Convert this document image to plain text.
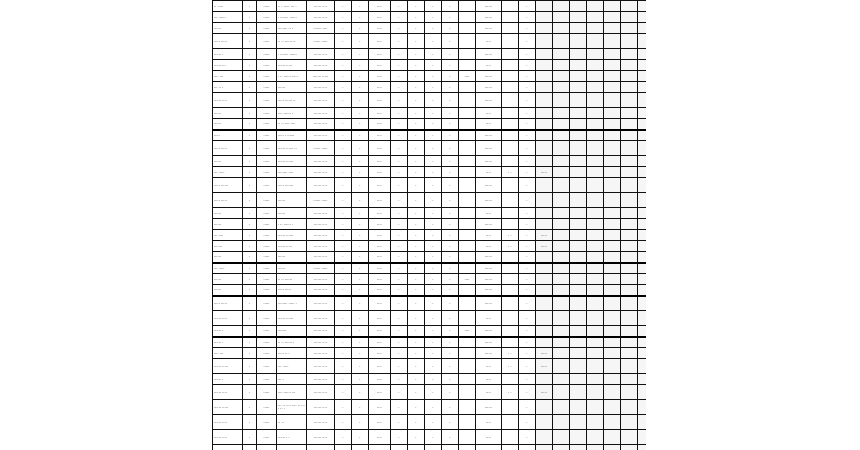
·· ·····	·	·····	·· · ····· ··· ·	······ ····	·	·	····	·	·	·	·		······		·									
··· ······	·	·····	· ······· ······	······ ····	·	·	····	·	·	·	·		······		·									
······	·	·····	········ ·· ·	······· ····	·	·	····	·	·	·	·		······		·									
····· ·····	·	·····	·· ·· ······ ··	······ ·····	·	·	····	·	·	·	·		····		·									
······ ·	·	·····	· ······· ······	······ ····	·	·	····	·	·	·	·		······		·									
······ ···	·	·····	······ ·····	······ ····	·	·	····	·	·	·	·		····		·									
···· ···	·	·····	· ·· ······ ·····	······· ·····	·	·	····	·	·	·	·	····	······		·									
··· ·· ·	·	·····	······	······ ····	·	·	····	·	·	·	·		······		·									
······ ····	·	·····	····· ······ ··	······ ····	·	·	····	·	·	·	·		······		·									
······	·	·····	···· ······ ·	······ ····	·	·	····	·	·	·	·		····		·									
······	·	·····	·· ·· ···· ····	······ ····	·	·	····	·	·	·	·		····		·									
·····	·	·····	····· · ······	······ ····	·	·	····	·	·	·	·		······		·									
····· ·····	·	·····	······ ······ ··	······ ·····	·	·	····	·	·	·	·		······		·									
······	·	·····	······ ······	······ ····	·	·	····	·	·	·	·		······		·									
··· ·····	·	·····	········ ····	······ ····	·	·	····	·	·	·	·		····	· ·	·	·····								
····· ······	·	·····	····· ·······	······ ····	·	·	····	·	·	·	·		······		·									
····· ·····	·	·····	······	······ ·····	·	·	····	·	·	·	·		······		·									
······	·	·····	······	······ ····	·	·	····	·	·	·	·		····		·									
······	·	·····	· ·· ······ ·	······ ····	·	·	····	·	·	·	·		······		·									
··· ····	·	·····	······ ······	······ ····	·	·	····	·	·	·	·		····	· ·	·	·····								
·······	·	·····	······ ·····	······ ····	·	·	····	·	·	·	·		····	· ·	·	·····								
······	·	·····	······	······ ····	·	·	····	·	·	·	·		······		·									
··· ·····	·	·····	······	······ ·····	·	·	····	·	·	·	·		······		·									
······	·	·····	·· ·· ······	······ ····	·	·	····	·	·	·	·	····	······		·									
······	·	·····	····· ·····	······ ····	·	·	····	·	·	·	·		······		·									
····· ·····	·	·····	········ ····· ·	······ ····	·	·	····	·	·	·	·		······		·									
······ ····	·	·····	······ ······	······ ····	·	·	····	·	·	·	·		····		·									
······ ·	·	·····	·······	······ ····	·	·	····	·	·	·	·	····	······		·									
······ ·	·	·····	·· ·· ······ ·	······ ····	·	·	····	·	·	·	·		······		·									
···· ···	·	·····	····· ·· ·	······ ····	·	·	····	·	·	·	·		······	· ·	·	·····								
······ ·····	·	·····	··· ·····	······ ····	·	·	····	·	·	·	·		····	· ·	·	·····								
······ ·	·	·····	··· ·	······ ····	·	·	····	·	·	·	·		····		·									
······ ····	·	·····	···· ······ ···	······ ····	·	·	····	·	·	·	·		····	· ·	·	·····								
······ ·····	·	·····	··· ·· ···· ···· ·· ···· ·· ·	······ ····	·	·	····	·	·	·	·		······		·									
······ ····	·	·····	·· ··	······ ····	·	·	····	·	·	·	·		····		·									
······ ····	·	·····	······ · ·	······ ····	·	·	····	·	·	·	·		····		·									
······ ·	·	·····	······	······ ····	·	·	····	·	·	·	·		······		·									
